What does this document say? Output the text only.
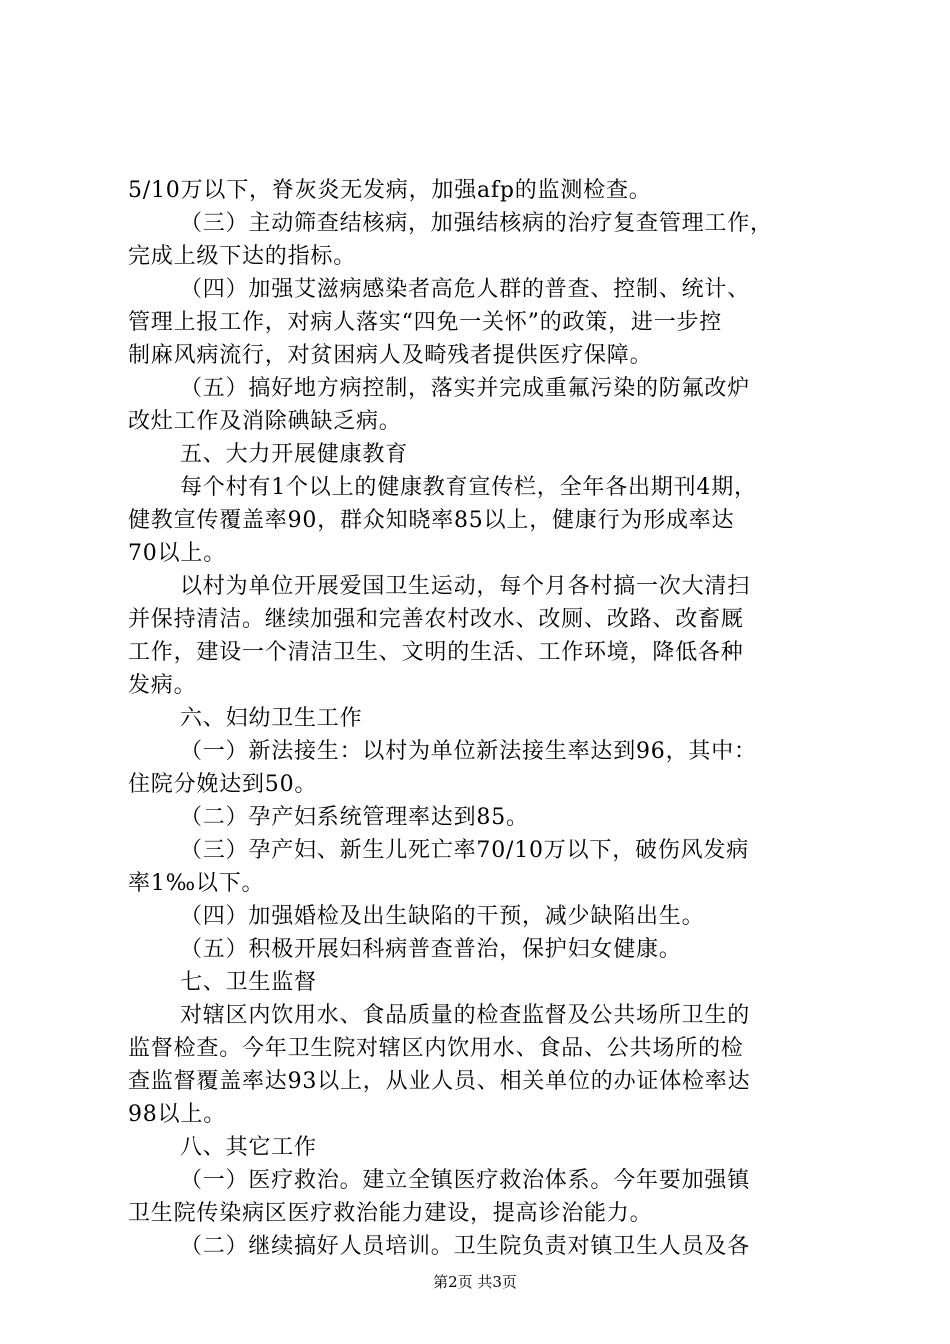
5/10万以下，脊灰炎无发病，加强afp的监测检查。
（三）主动筛查结核病，加强结核病的治疗复查管理工作，
完成上级下达的指标。
（四）加强艾滋病感染者高危人群的普查、控制、统计、
管理上报工作，对病人落实“四免一关怀”的政策，进一步控
制麻风病流行，对贫困病人及畸残者提供医疗保障。
（五）搞好地方病控制，落实并完成重氟污染的防氟改炉
改灶工作及消除碘缺乏病。
五、大力开展健康教育
每个村有1个以上的健康教育宣传栏，全年各出期刊4期，
健教宣传覆盖率90，群众知晓率85以上，健康行为形成率达
70以上。
以村为单位开展爱国卫生运动，每个月各村搞一次大清扫
并保持清洁。继续加强和完善农村改水、改厕、改路、改畜厩
工作，建设一个清洁卫生、文明的生活、工作环境，降低各种
发病。
六、妇幼卫生工作
（一）新法接生：以村为单位新法接生率达到96，其中：
住院分娩达到50。
（二）孕产妇系统管理率达到85。
（三）孕产妇、新生儿死亡率70/10万以下，破伤风发病
率1‰以下。
（四）加强婚检及出生缺陷的干预，减少缺陷出生。
（五）积极开展妇科病普查普治，保护妇女健康。
七、卫生监督
对辖区内饮用水、食品质量的检查监督及公共场所卫生的
监督检查。今年卫生院对辖区内饮用水、食品、公共场所的检
查监督覆盖率达93以上，从业人员、相关单位的办证体检率达
98以上。
八、其它工作
（一）医疗救治。建立全镇医疗救治体系。今年要加强镇
卫生院传染病区医疗救治能力建设，提高诊治能力。
（二）继续搞好人员培训。卫生院负责对镇卫生人员及各
第2页 共3页
